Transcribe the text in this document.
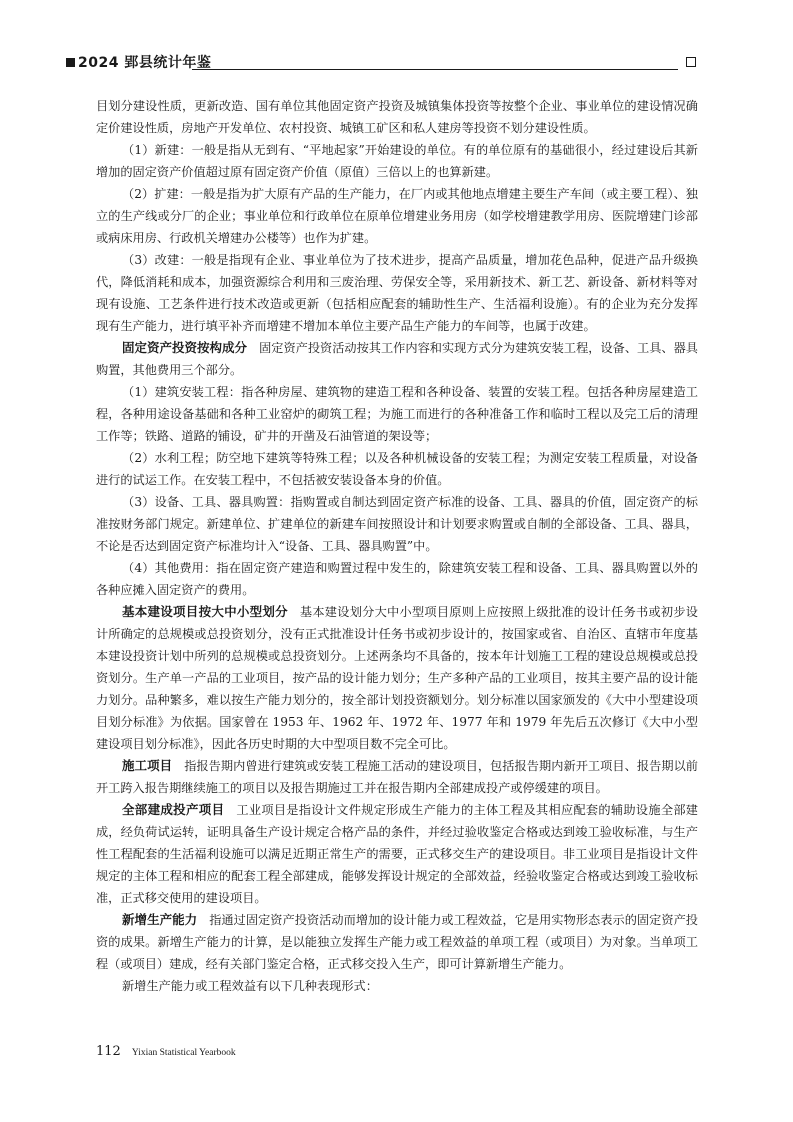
2024 郢县统计年鉴

目划分建设性质，更新改造、国有单位其他固定资产投资及城镇集体投资等按整个企业、事业单位的建设情况确定价建设性质，房地产开发单位、农村投资、城镇工矿区和私人建房等投资不划分建设性质。

（1）新建：一般是指从无到有、“平地起家”开始建设的单位。有的单位原有的基础很小，经过建设后其新增加的固定资产价值超过原有固定资产价值（原值）三倍以上的也算新建。

（2）扩建：一般是指为扩大原有产品的生产能力，在厂内或其他地点增建主要生产车间（或主要工程）、独立的生产线或分厂的企业；事业单位和行政单位在原单位增建业务用房（如学校增建教学用房、医院增建门诊部或病床用房、行政机关增建办公楼等）也作为扩建。

（3）改建：一般是指现有企业、事业单位为了技术进步，提高产品质量，增加花色品种，促进产品升级换代，降低消耗和成本，加强资源综合利用和三废治理、劳保安全等，采用新技术、新工艺、新设备、新材料等对现有设施、工艺条件进行技术改造或更新（包括相应配套的辅助性生产、生活福利设施）。有的企业为充分发挥现有生产能力，进行填平补齐而增建不增加本单位主要产品生产能力的车间等，也属于改建。

固定资产投资按构成分 固定资产投资活动按其工作内容和实现方式分为建筑安装工程，设备、工具、器具购置，其他费用三个部分。

（1）建筑安装工程：指各种房屋、建筑物的建造工程和各种设备、装置的安装工程。包括各种房屋建造工程，各种用途设备基础和各种工业窑炉的砌筑工程；为施工而进行的各种准备工作和临时工程以及完工后的清理工作等；铁路、道路的铺设，矿井的开凿及石油管道的架设等；

（2）水利工程；防空地下建筑等特殊工程；以及各种机械设备的安装工程；为测定安装工程质量，对设备进行的试运工作。在安装工程中，不包括被安装设备本身的价值。

（3）设备、工具、器具购置：指购置或自制达到固定资产标准的设备、工具、器具的价值，固定资产的标准按财务部门规定。新建单位、扩建单位的新建车间按照设计和计划要求购置或自制的全部设备、工具、器具，不论是否达到固定资产标准均计入“设备、工具、器具购置”中。

（4）其他费用：指在固定资产建造和购置过程中发生的，除建筑安装工程和设备、工具、器具购置以外的各种应摊入固定资产的费用。

基本建设项目按大中小型划分 基本建设划分大中小型项目原则上应按照上级批准的设计任务书或初步设计所确定的总规模或总投资划分，没有正式批准设计任务书或初步设计的，按国家或省、自治区、直辖市年度基本建设投资计划中所列的总规模或总投资划分。上述两条均不具备的，按本年计划施工工程的建设总规模或总投资划分。生产单一产品的工业项目，按产品的设计能力划分；生产多种产品的工业项目，按其主要产品的设计能力划分。品种繁多，难以按生产能力划分的，按全部计划投资额划分。划分标准以国家颁发的《大中小型建设项目划分标准》为依据。国家曾在 1953 年、1962 年、1972 年、1977 年和 1979 年先后五次修订《大中小型建设项目划分标准》，因此各历史时期的大中型项目数不完全可比。

施工项目 指报告期内曾进行建筑或安装工程施工活动的建设项目，包括报告期内新开工项目、报告期以前开工跨入报告期继续施工的项目以及报告期施过工并在报告期内全部建成投产或停缓建的项目。

全部建成投产项目 工业项目是指设计文件规定形成生产能力的主体工程及其相应配套的辅助设施全部建成，经负荷试运转，证明具备生产设计规定合格产品的条件，并经过验收鉴定合格或达到竣工验收标准，与生产性工程配套的生活福利设施可以满足近期正常生产的需要，正式移交生产的建设项目。非工业项目是指设计文件规定的主体工程和相应的配套工程全部建成，能够发挥设计规定的全部效益，经验收鉴定合格或达到竣工验收标准，正式移交使用的建设项目。

新增生产能力 指通过固定资产投资活动而增加的设计能力或工程效益，它是用实物形态表示的固定资产投资的成果。新增生产能力的计算，是以能独立发挥生产能力或工程效益的单项工程（或项目）为对象。当单项工程（或项目）建成，经有关部门鉴定合格，正式移交投入生产，即可计算新增生产能力。

新增生产能力或工程效益有以下几种表现形式：

112 Yixian Statistical Yearbook
